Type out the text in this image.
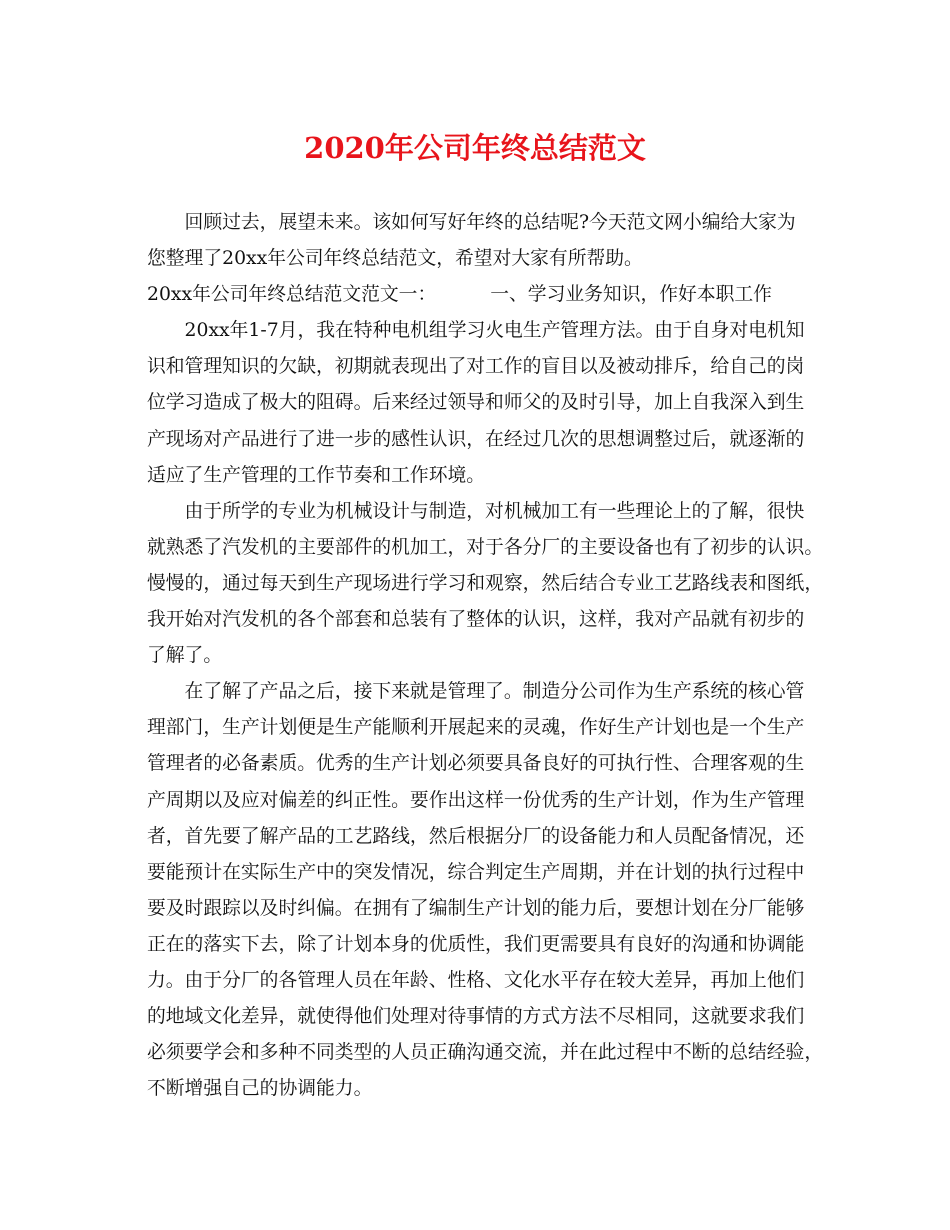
2020年公司年终总结范文
　　回顾过去，展望未来。该如何写好年终的总结呢?今天范文网小编给大家为
您整理了20xx年公司年终总结范文，希望对大家有所帮助。
20xx年公司年终总结范文范文一：	一、学习业务知识，作好本职工作
　　20xx年1-7月，我在特种电机组学习火电生产管理方法。由于自身对电机知
识和管理知识的欠缺，初期就表现出了对工作的盲目以及被动排斥，给自己的岗
位学习造成了极大的阻碍。后来经过领导和师父的及时引导，加上自我深入到生
产现场对产品进行了进一步的感性认识，在经过几次的思想调整过后，就逐渐的
适应了生产管理的工作节奏和工作环境。
　　由于所学的专业为机械设计与制造，对机械加工有一些理论上的了解，很快
就熟悉了汽发机的主要部件的机加工，对于各分厂的主要设备也有了初步的认识。
慢慢的，通过每天到生产现场进行学习和观察，然后结合专业工艺路线表和图纸，
我开始对汽发机的各个部套和总装有了整体的认识，这样，我对产品就有初步的
了解了。
　　在了解了产品之后，接下来就是管理了。制造分公司作为生产系统的核心管
理部门，生产计划便是生产能顺利开展起来的灵魂，作好生产计划也是一个生产
管理者的必备素质。优秀的生产计划必须要具备良好的可执行性、合理客观的生
产周期以及应对偏差的纠正性。要作出这样一份优秀的生产计划，作为生产管理
者，首先要了解产品的工艺路线，然后根据分厂的设备能力和人员配备情况，还
要能预计在实际生产中的突发情况，综合判定生产周期，并在计划的执行过程中
要及时跟踪以及时纠偏。在拥有了编制生产计划的能力后，要想计划在分厂能够
正在的落实下去，除了计划本身的优质性，我们更需要具有良好的沟通和协调能
力。由于分厂的各管理人员在年龄、性格、文化水平存在较大差异，再加上他们
的地域文化差异，就使得他们处理对待事情的方式方法不尽相同，这就要求我们
必须要学会和多种不同类型的人员正确沟通交流，并在此过程中不断的总结经验，
不断增强自己的协调能力。
